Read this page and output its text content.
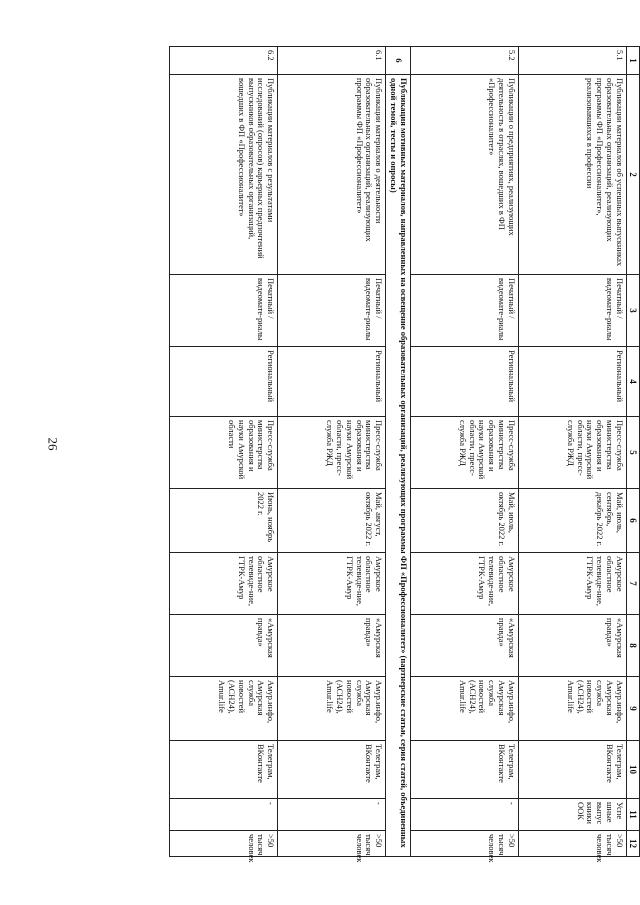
26
1	2	3	4	5	6	7	8	9	10	11	12
5.1	Публикации материалов об успешных выпускниках образовательных организаций, реализующих программы ФП «Профессионалитет», реализовавшихся в профессии	Печатный / видеомате-риалы	Региональный	Пресс-служба министерства образования и науки Амурской области, пресс-служба РЖД	Май, июль, сентябрь, декабрь 2022 г.	Амурское областное телевиде-ние, ГТРК-Амур	«Амурская правда»	Амур.инфо, Амурская служба новостей (АСН24), Amur.life	Телеграм, ВКонтакте	Успе шные выпус кники ООК	>50 тысяч человек
5.2	Публикации о предприятиях, реализующих деятельность в отраслях, вошедших в ФП «Профессионалитет»	Печатный / видеомате-риалы	Региональный	Пресс-служба министерства образования и науки Амурской области, пресс-служба РЖД	Май, июль, октябрь 2022 г.	Амурское областное телевиде-ние, ГТРК-Амур	«Амурская правда»	Амур.инфо, Амурская служба новостей (АСН24), Amur.life	Телеграм, ВКонтакте	-	>50 тысяч человек
6	Публикация мотивных материалов, направленных на освещение образовательных организаций, реализующих программы ФП «Профессионалитет» (партнерские статьи, серия статей, объединенных одной темой, тесты и опросы)										
6.1	Публикации материалов о деятельности образовательных организаций, реализующих программы ФП «Профессионалитет»	Печатный / видеомате-риалы	Региональный	Пресс-служба министерства образования и науки Амурской области, пресс-служба РЖД	Май, август, октябрь 2022 г.	Амурское областное телевиде-ние, ГТРК-Амур	«Амурская правда»	Амур.инфо, Амурская служба новостей (АСН24), Amur.life	Телеграм, ВКонтакте	-	>50 тысяч человек
6.2	Публикации материалов с результатами исследований (опросов) карьерных предпочтений выпускников образовательных организаций, вошедших в ФП «Профессионалитет»	Печатный / видеомате-риалы	Региональный	Пресс-служба министерства образования и науки Амурской области	Июнь, ноябрь 2022 г.	Амурское областное телевиде-ние, ГТРК-Амур	«Амурская правда»	Амур.инфо, Амурская служба новостей (АСН24), Amur.life	Телеграм, ВКонтакте	-	>50 тысяч человек
